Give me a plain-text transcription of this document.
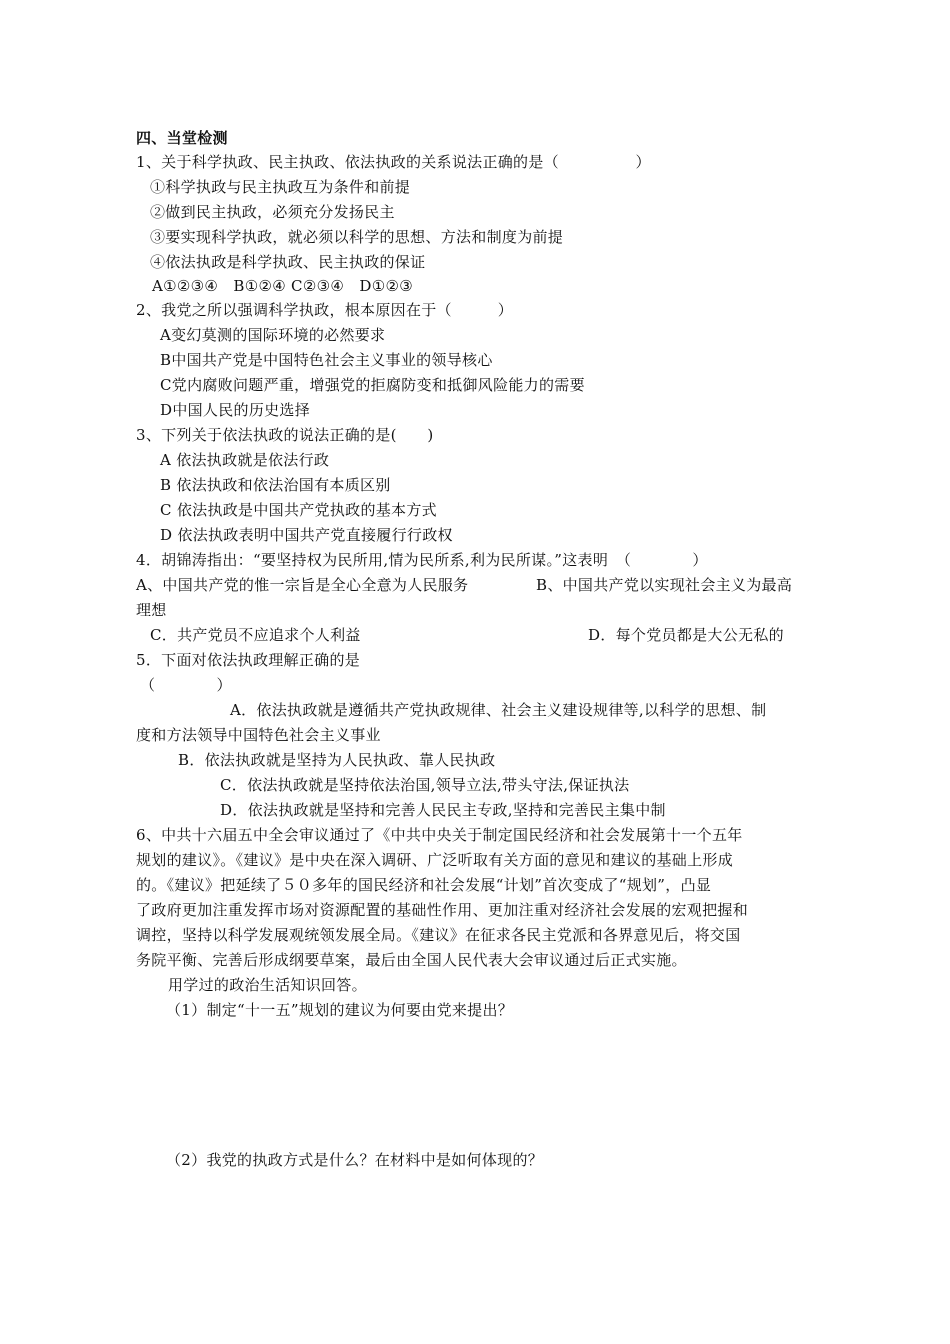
四、当堂检测
1、关于科学执政、民主执政、依法执政的关系说法正确的是（　　　　　）
①科学执政与民主执政互为条件和前提
②做到民主执政，必须充分发扬民主
③要实现科学执政，就必须以科学的思想、方法和制度为前提
④依法执政是科学执政、民主执政的保证
A①②③④　B①②④ C②③④　D①②③
2、我党之所以强调科学执政，根本原因在于（　　　）
A变幻莫测的国际环境的必然要求
B中国共产党是中国特色社会主义事业的领导核心
C党内腐败问题严重，增强党的拒腐防变和抵御风险能力的需要
D中国人民的历史选择
3、下列关于依法执政的说法正确的是(　　)
A 依法执政就是依法行政
B 依法执政和依法治国有本质区别
C 依法执政是中国共产党执政的基本方式
D 依法执政表明中国共产党直接履行行政权
4．胡锦涛指出：“要坚持权为民所用,情为民所系,利为民所谋。”这表明　（　　　　）
A、中国共产党的惟一宗旨是全心全意为人民服务	B、中国共产党以实现社会主义为最高
理想
C．共产党员不应追求个人利益	D．每个党员都是大公无私的
5．下面对依法执政理解正确的是
（　　　　）
A．依法执政就是遵循共产党执政规律、社会主义建设规律等,以科学的思想、制
度和方法领导中国特色社会主义事业
B．依法执政就是坚持为人民执政、靠人民执政
C．依法执政就是坚持依法治国,领导立法,带头守法,保证执法
D．依法执政就是坚持和完善人民民主专政,坚持和完善民主集中制
6、中共十六届五中全会审议通过了《中共中央关于制定国民经济和社会发展第十一个五年
规划的建议》。《建议》是中央在深入调研、广泛听取有关方面的意见和建议的基础上形成
的。《建议》把延续了５０多年的国民经济和社会发展“计划”首次变成了“规划”，凸显
了政府更加注重发挥市场对资源配置的基础性作用、更加注重对经济社会发展的宏观把握和
调控，坚持以科学发展观统领发展全局。《建议》在征求各民主党派和各界意见后，将交国
务院平衡、完善后形成纲要草案，最后由全国人民代表大会审议通过后正式实施。
用学过的政治生活知识回答。
（1）制定“十一五”规划的建议为何要由党来提出？
（2）我党的执政方式是什么？在材料中是如何体现的？
